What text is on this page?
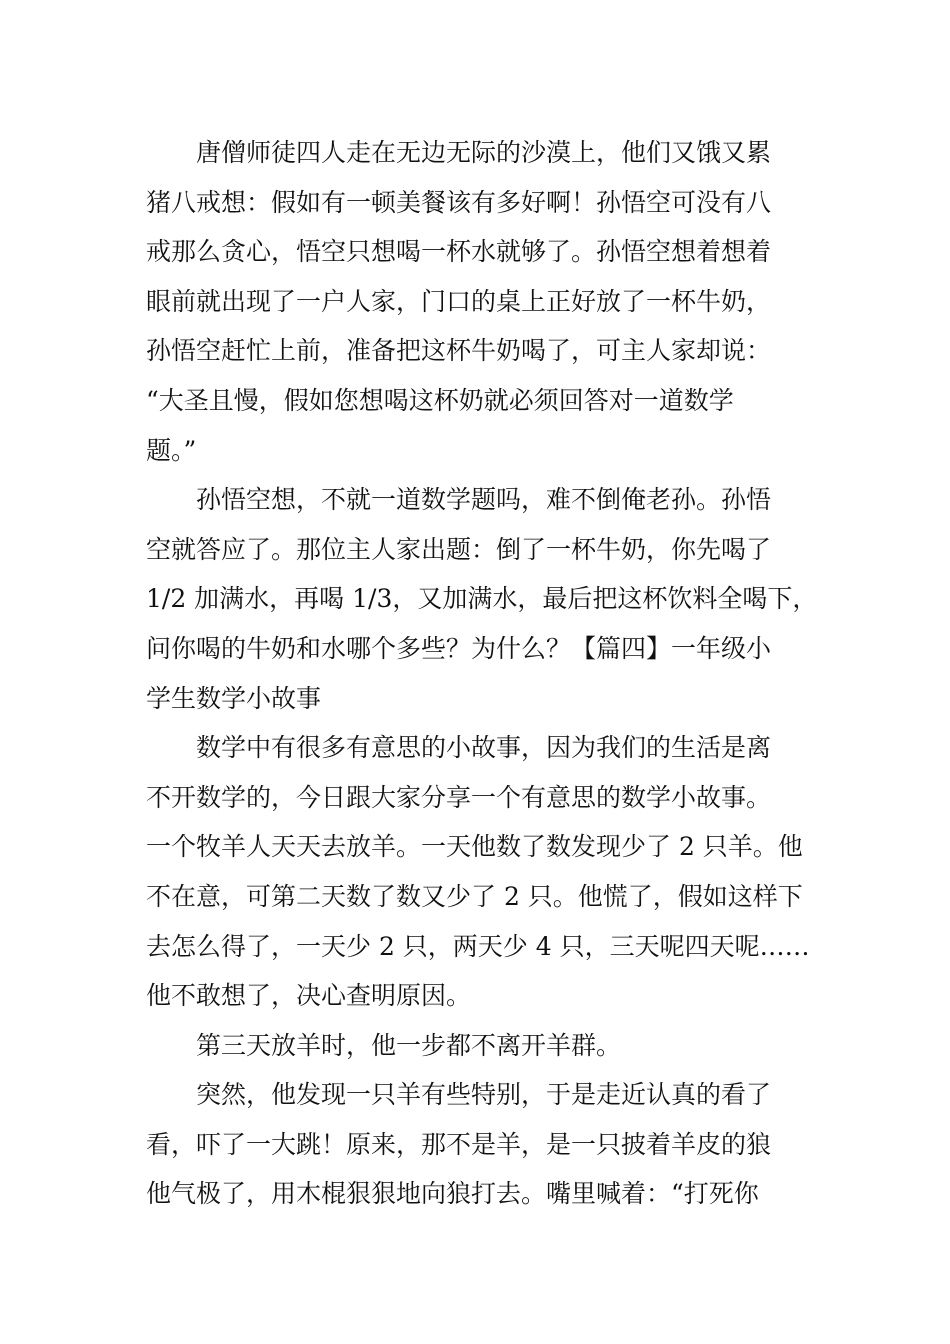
唐僧师徒四人走在无边无际的沙漠上，他们又饿又累
猪八戒想：假如有一顿美餐该有多好啊！孙悟空可没有八
戒那么贪心，悟空只想喝一杯水就够了。孙悟空想着想着
眼前就出现了一户人家，门口的桌上正好放了一杯牛奶，
孙悟空赶忙上前，准备把这杯牛奶喝了，可主人家却说：
“大圣且慢，假如您想喝这杯奶就必须回答对一道数学
题。”
孙悟空想，不就一道数学题吗，难不倒俺老孙。孙悟
空就答应了。那位主人家出题：倒了一杯牛奶，你先喝了
1/2 加满水，再喝 1/3，又加满水，最后把这杯饮料全喝下，
问你喝的牛奶和水哪个多些？为什么？【篇四】一年级小
学生数学小故事
数学中有很多有意思的小故事，因为我们的生活是离
不开数学的，今日跟大家分享一个有意思的数学小故事。
一个牧羊人天天去放羊。一天他数了数发现少了 2 只羊。他
不在意，可第二天数了数又少了 2 只。他慌了，假如这样下
去怎么得了，一天少 2 只，两天少 4 只，三天呢四天呢……
他不敢想了，决心查明原因。
第三天放羊时，他一步都不离开羊群。
突然，他发现一只羊有些特别，于是走近认真的看了
看，吓了一大跳！原来，那不是羊，是一只披着羊皮的狼
他气极了，用木棍狠狠地向狼打去。嘴里喊着：“打死你
